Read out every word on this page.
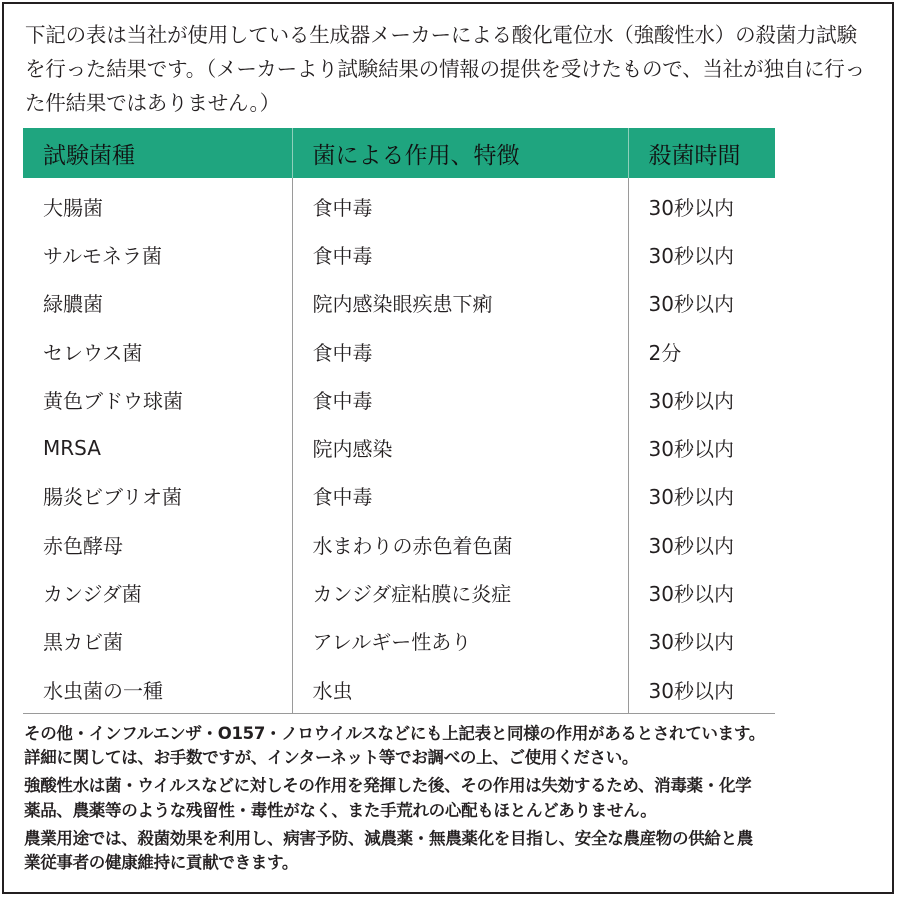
下記の表は当社が使用している生成器メーカーによる酸化電位水（強酸性水）の殺菌力試験
を行った結果です。（メーカーより試験結果の情報の提供を受けたもので、当社が独自に行っ
た件結果ではありません。）

試験菌種	菌による作用、特徴	殺菌時間
大腸菌	食中毒	30秒以内
サルモネラ菌	食中毒	30秒以内
緑膿菌	院内感染眼疾患下痢	30秒以内
セレウス菌	食中毒	2分
黄色ブドウ球菌	食中毒	30秒以内
MRSA	院内感染	30秒以内
腸炎ビブリオ菌	食中毒	30秒以内
赤色酵母	水まわりの赤色着色菌	30秒以内
カンジダ菌	カンジダ症粘膜に炎症	30秒以内
黒カビ菌	アレルギー性あり	30秒以内
水虫菌の一種	水虫	30秒以内

その他・インフルエンザ・O157・ノロウイルスなどにも上記表と同様の作用があるとされています。
詳細に関しては、お手数ですが、インターネット等でお調べの上、ご使用ください。
強酸性水は菌・ウイルスなどに対しその作用を発揮した後、その作用は失効するため、消毒薬・化学
薬品、農薬等のような残留性・毒性がなく、また手荒れの心配もほとんどありません。
農業用途では、殺菌効果を利用し、病害予防、減農薬・無農薬化を目指し、安全な農産物の供給と農
業従事者の健康維持に貢献できます。
